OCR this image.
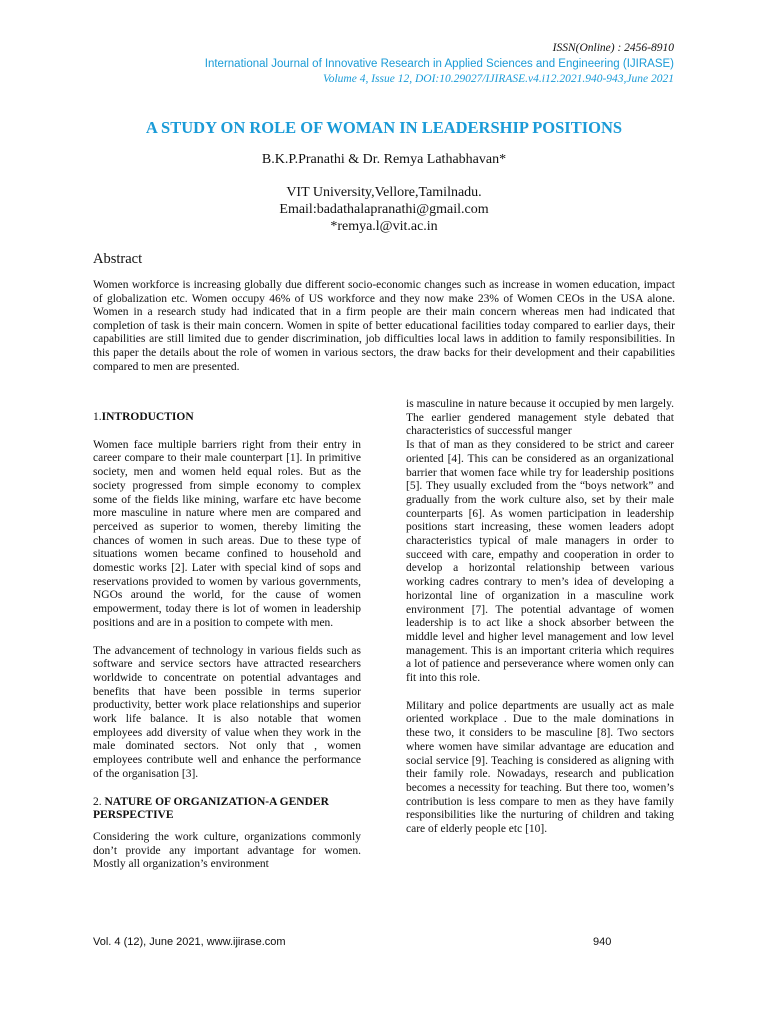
ISSN(Online) : 2456-8910

International Journal of Innovative Research in Applied Sciences and Engineering (IJIRASE)

Volume 4, Issue 12, DOI:10.29027/IJIRASE.v4.i12.2021.940-943,June 2021

A STUDY ON ROLE OF WOMAN IN LEADERSHIP POSITIONS

B.K.P.Pranathi & Dr. Remya Lathabhavan*

VIT University,Vellore,Tamilnadu.
Email:badathalapranathi@gmail.com
*remya.l@vit.ac.in
Abstract

Women workforce is increasing globally due different socio-economic changes such as increase in women education, impact of globalization etc. Women occupy 46% of US workforce and they now make 23% of Women CEOs in the USA alone. Women in a research study had indicated that in a firm people are their main concern whereas men had indicated that completion of task is their main concern. Women in spite of better educational facilities today compared to earlier days, their capabilities are still limited due to gender discrimination, job difficulties local laws in addition to family responsibilities. In this paper the details about the role of women in various sectors, the draw backs for their development and their capabilities compared to men are presented.

1.INTRODUCTION

Women face multiple barriers right from their entry in career compare to their male counterpart [1]. In primitive society, men and women held equal roles. But as the society progressed from simple economy to complex some of the fields like mining, warfare etc have become more masculine in nature where men are compared and perceived as superior to women, thereby limiting the chances of women in such areas. Due to these type of situations women became confined to household and domestic works [2]. Later with special kind of sops and reservations provided to women by various governments, NGOs around the world, for the cause of women empowerment, today there is lot of women in leadership positions and are in a position to compete with men.

The advancement of technology in various fields such as software and service sectors have attracted researchers worldwide to concentrate on potential advantages and benefits that have been possible in terms superior productivity, better work place relationships and superior work life balance. It is also notable that women employees add diversity of value when they work in the male dominated sectors. Not only that , women employees contribute well and enhance the performance of the organisation [3].

2. NATURE OF ORGANIZATION-A GENDER PERSPECTIVE

Considering the work culture, organizations commonly don’t provide any important advantage for women. Mostly all organization’s environment

is masculine in nature because it occupied by men largely. The earlier gendered management style debated that characteristics of successful manger

Is that of man as they considered to be strict and career oriented [4]. This can be considered as an organizational barrier that women face while try for leadership positions [5]. They usually excluded from the “boys network” and gradually from the work culture also, set by their male counterparts [6]. As women participation in leadership positions start increasing, these women leaders adopt characteristics typical of male managers in order to succeed with care, empathy and cooperation in order to develop a horizontal relationship between various working cadres contrary to men’s idea of developing a horizontal line of organization in a masculine work environment [7]. The potential advantage of women leadership is to act like a shock absorber between the middle level and higher level management and low level management. This is an important criteria which requires a lot of patience and perseverance where women only can fit into this role.

Military and police departments are usually act as male oriented workplace . Due to the male dominations in these two, it considers to be masculine [8]. Two sectors where women have similar advantage are education and social service [9]. Teaching is considered as aligning with their family role. Nowadays, research and publication becomes a necessity for teaching. But there too, women’s contribution is less compare to men as they have family responsibilities like the nurturing of children and taking care of elderly people etc [10].

Vol. 4 (12), June 2021, www.ijirase.com	940
